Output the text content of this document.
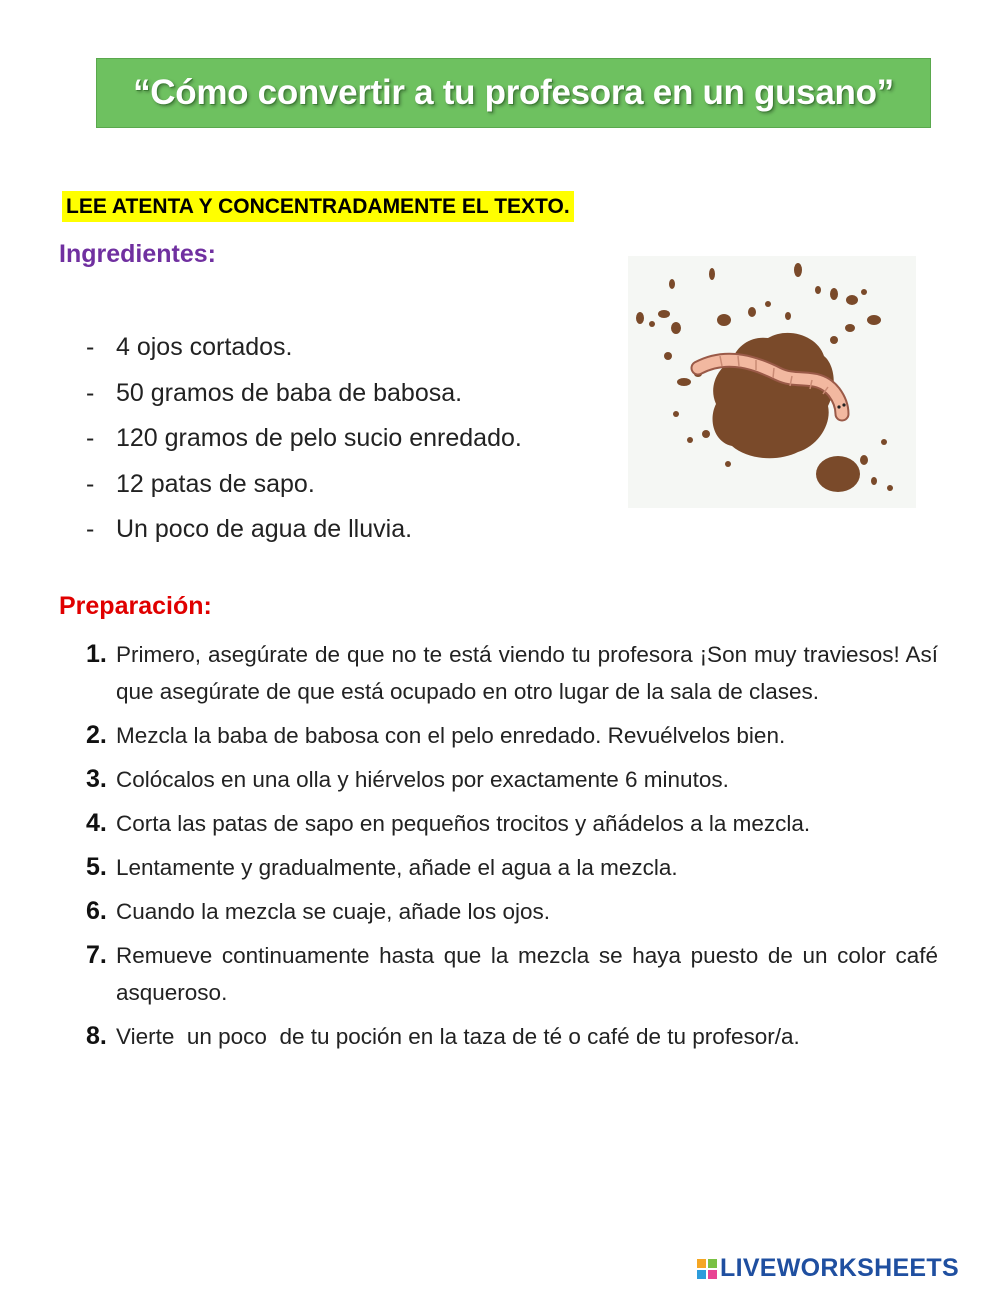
“Cómo convertir a tu profesora en un gusano”
LEE ATENTA Y CONCENTRADAMENTE EL TEXTO.
Ingredientes:
- 4 ojos cortados.
- 50 gramos de baba de babosa.
- 120 gramos de pelo sucio enredado.
- 12 patas de sapo.
- Un poco de agua de lluvia.
Preparación:
1. Primero, asegúrate de que no te está viendo tu profesora ¡Son muy traviesos! Así que asegúrate de que está ocupado en otro lugar de la sala de clases.
2. Mezcla la baba de babosa con el pelo enredado. Revuélvelos bien.
3. Colócalos en una olla y hiérvelos por exactamente 6 minutos.
4. Corta las patas de sapo en pequeños trocitos y añádelos a la mezcla.
5. Lentamente y gradualmente, añade el agua a la mezcla.
6. Cuando la mezcla se cuaje, añade los ojos.
7. Remueve continuamente hasta que la mezcla se haya puesto de un color café asqueroso.
8. Vierte  un poco  de tu poción en la taza de té o café de tu profesor/a.
LIVEWORKSHEETS
